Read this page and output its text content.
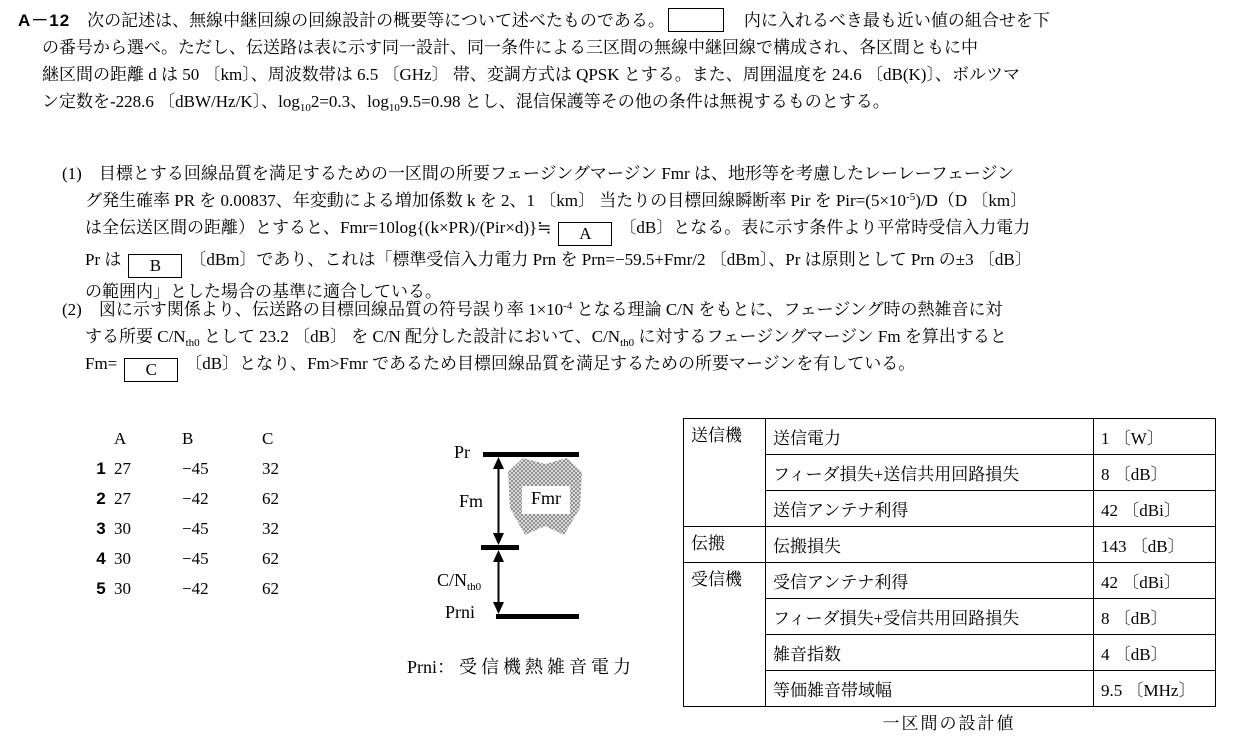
A－12　次の記述は、無線中継回線の回線設計の概要等について述べたものである。	　内に入れるべき最も近い値の組合せを下
の番号から選べ。ただし、伝送路は表に示す同一設計、同一条件による三区間の無線中継回線で構成され、各区間ともに中
継区間の距離 d は 50 〔km〕、周波数帯は 6.5 〔GHz〕 帯、変調方式は QPSK とする。また、周囲温度を 24.6 〔dB(K)〕、ボルツマ
ン定数を-228.6 〔dBW/Hz/K〕、$\log_{10}2=0.3$、$\log_{10}9.5=0.98$ とし、混信保護等その他の条件は無視するものとする。
(1)　目標とする回線品質を満足するための一区間の所要フェージングマージン Fmr は、地形等を考慮したレーレーフェージン
グ発生確率 PR を 0.00837、年変動による増加係数 k を 2、1 〔km〕 当たりの目標回線瞬断率 Pir を $Pir=(5\times 10^{-5})/D(D$ 〔km〕
は全伝送区間の距離）とすると、Fmr=10log{(k×PR)/(Pir×d)}≒ A 〔dB〕となる。表に示す条件より平常時受信入力電力
Pr は B 〔dBm〕であり、これは「標準受信入力電力 Prn を Prn=−59.5+Fmr/2 〔dBm〕、Pr は原則として Prn の±3 〔dB〕
の範囲内」とした場合の基準に適合している。
(2)　図に示す関係より、伝送路の目標回線品質の符号誤り率 $1\times 10^{-4}$ となる理論 C/N をもとに、フェージング時の熱雑音に対
する所要 $C/N_{th0}$ として 23.2 〔dB〕 を C/N 配分した設計において、$C/N_{th0}$ に対するフェージングマージン Fm を算出すると
Fm= C 〔dB〕となり、Fm>Fmr であるため目標回線品質を満足するための所要マージンを有している。
	A	B	C
1	27	−45	32
2	27	−42	62
3	30	−45	32
4	30	−45	62
5	30	−42	62
Pr
Fm	Fmr
$C/N_{th0}$
Prni
Prni：受信機熱雑音電力
送信機	送信電力	1 〔W〕
	フィーダ損失+送信共用回路損失	8 〔dB〕
	送信アンテナ利得	42 〔dBi〕
伝搬	伝搬損失	143 〔dB〕
受信機	受信アンテナ利得	42 〔dBi〕
	フィーダ損失+受信共用回路損失	8 〔dB〕
	雑音指数	4 〔dB〕
	等価雑音帯域幅	9.5 〔MHz〕
一区間の設計値
